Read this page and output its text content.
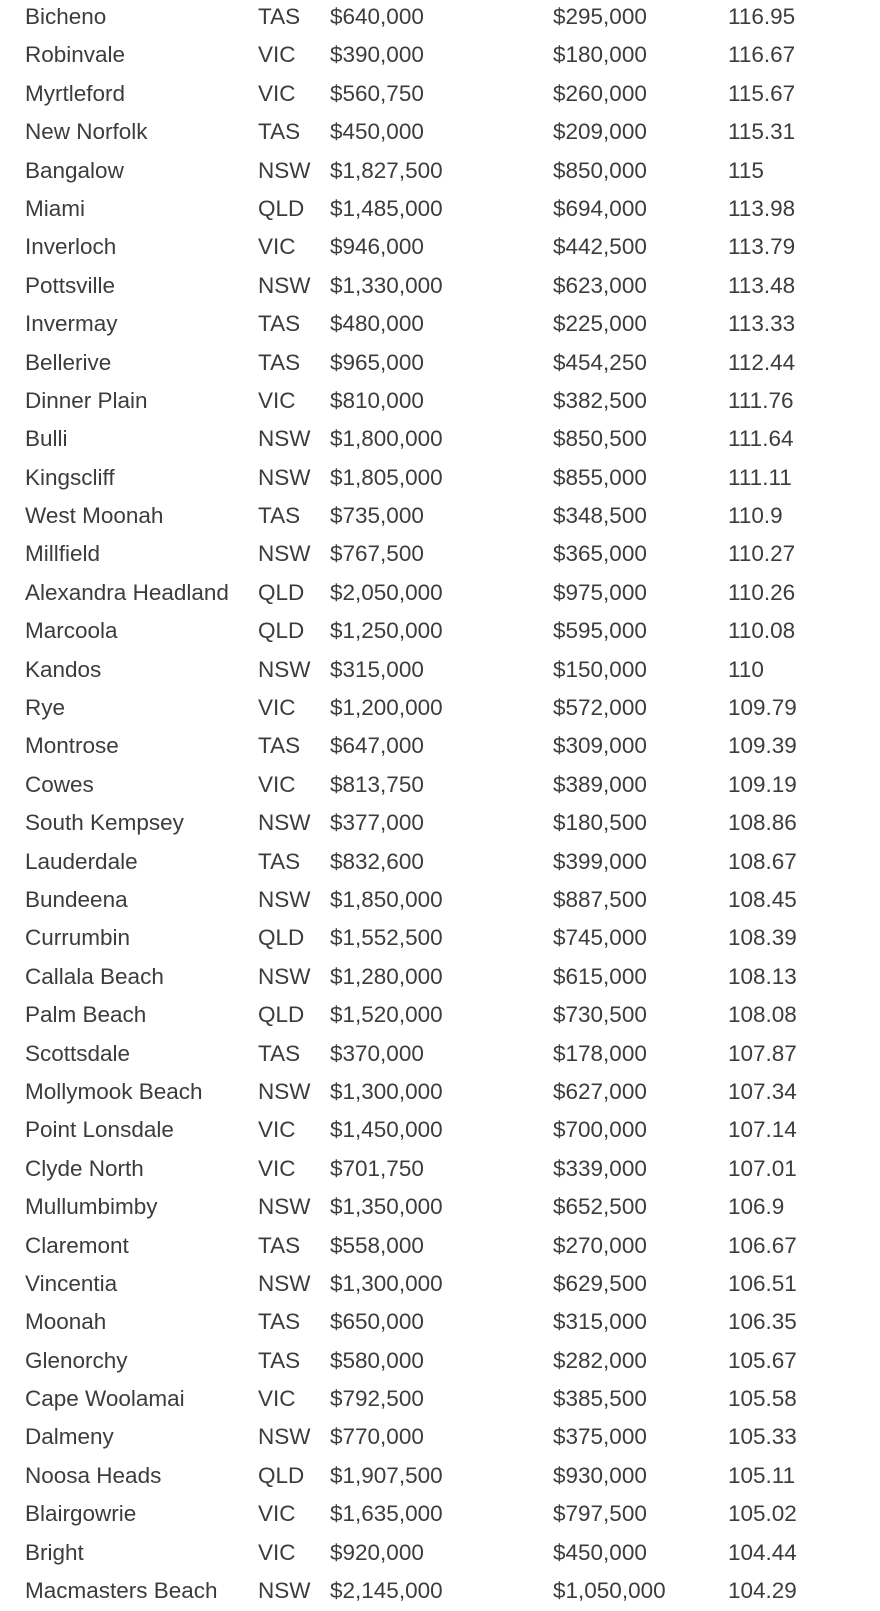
Bicheno	TAS $640,000	$295,000	116.95
Robinvale	VIC $390,000	$180,000	116.67
Myrtleford	VIC $560,750	$260,000	115.67
New Norfolk	TAS $450,000	$209,000	115.31
Bangalow	NSW $1,827,500	$850,000	115
Miami	QLD $1,485,000	$694,000	113.98
Inverloch	VIC $946,000	$442,500	113.79
Pottsville	NSW $1,330,000	$623,000	113.48
Invermay	TAS $480,000	$225,000	113.33
Bellerive	TAS $965,000	$454,250	112.44
Dinner Plain	VIC $810,000	$382,500	111.76
Bulli	NSW $1,800,000	$850,500	111.64
Kingscliff	NSW $1,805,000	$855,000	111.11
West Moonah	TAS $735,000	$348,500	110.9
Millfield	NSW $767,500	$365,000	110.27
Alexandra Headland QLD $2,050,000	$975,000	110.26
Marcoola	QLD $1,250,000	$595,000	110.08
Kandos	NSW $315,000	$150,000	110
Rye	VIC $1,200,000	$572,000	109.79
Montrose	TAS $647,000	$309,000	109.39
Cowes	VIC $813,750	$389,000	109.19
South Kempsey	NSW $377,000	$180,500	108.86
Lauderdale	TAS $832,600	$399,000	108.67
Bundeena	NSW $1,850,000	$887,500	108.45
Currumbin	QLD $1,552,500	$745,000	108.39
Callala Beach	NSW $1,280,000	$615,000	108.13
Palm Beach	QLD $1,520,000	$730,500	108.08
Scottsdale	TAS $370,000	$178,000	107.87
Mollymook Beach NSW $1,300,000	$627,000	107.34
Point Lonsdale	VIC $1,450,000	$700,000	107.14
Clyde North	VIC $701,750	$339,000	107.01
Mullumbimby	NSW $1,350,000	$652,500	106.9
Claremont	TAS $558,000	$270,000	106.67
Vincentia	NSW $1,300,000	$629,500	106.51
Moonah	TAS $650,000	$315,000	106.35
Glenorchy	TAS $580,000	$282,000	105.67
Cape Woolamai	VIC $792,500	$385,500	105.58
Dalmeny	NSW $770,000	$375,000	105.33
Noosa Heads	QLD $1,907,500	$930,000	105.11
Blairgowrie	VIC $1,635,000	$797,500	105.02
Bright	VIC $920,000	$450,000	104.44
Macmasters Beach NSW $2,145,000	$1,050,000	104.29
